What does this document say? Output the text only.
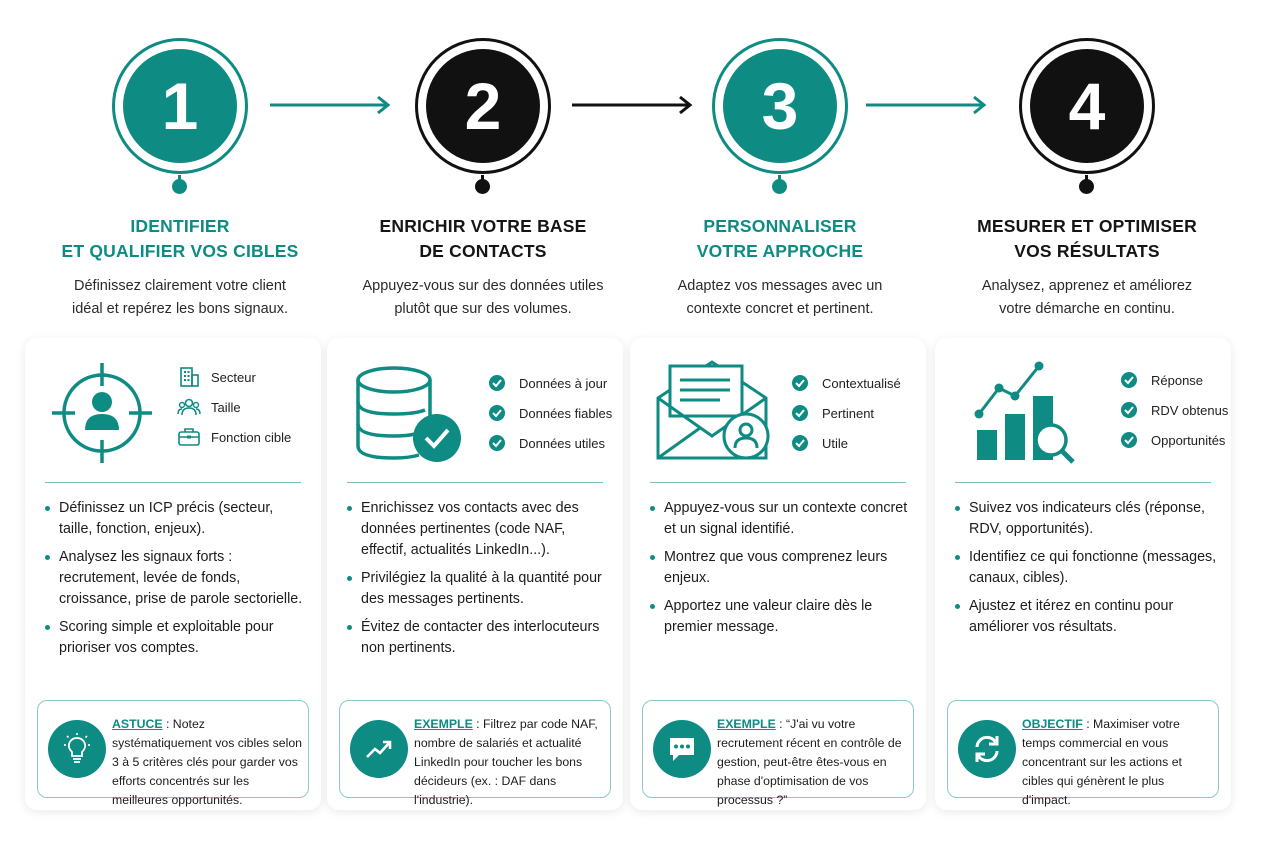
1
IDENTIFIER
ET QUALIFIER VOS CIBLES
Définissez clairement votre client
idéal et repérez les bons signaux.
2
ENRICHIR VOTRE BASE
DE CONTACTS
Appuyez-vous sur des données utiles
plutôt que sur des volumes.
3
PERSONNALISER
VOTRE APPROCHE
Adaptez vos messages avec un
contexte concret et pertinent.
4
MESURER ET OPTIMISER
VOS RÉSULTATS
Analysez, apprenez et améliorez
votre démarche en continu.
Secteur
Taille
Fonction cible
Définissez un ICP précis (secteur, taille, fonction, enjeux).
Analysez les signaux forts : recrutement, levée de fonds, croissance, prise de parole sectorielle.
Scoring simple et exploitable pour prioriser vos comptes.
ASTUCE : Notez systématiquement vos cibles selon 3 à 5 critères clés pour garder vos efforts concentrés sur les meilleures opportunités.
Données à jour
Données fiables
Données utiles
Enrichissez vos contacts avec des données pertinentes (code NAF, effectif, actualités LinkedIn...).
Privilégiez la qualité à la quantité pour des messages pertinents.
Évitez de contacter des interlocuteurs non pertinents.
EXEMPLE : Filtrez par code NAF, nombre de salariés et actualité LinkedIn pour toucher les bons décideurs (ex. : DAF dans l'industrie).
Contextualisé
Pertinent
Utile
Appuyez-vous sur un contexte concret et un signal identifié.
Montrez que vous comprenez leurs enjeux.
Apportez une valeur claire dès le premier message.
EXEMPLE : “J'ai vu votre recrutement récent en contrôle de gestion, peut-être êtes-vous en phase d'optimisation de vos processus ?”
Réponse
RDV obtenus
Opportunités
Suivez vos indicateurs clés (réponse, RDV, opportunités).
Identifiez ce qui fonctionne (messages, canaux, cibles).
Ajustez et itérez en continu pour améliorer vos résultats.
OBJECTIF : Maximiser votre temps commercial en vous concentrant sur les actions et cibles qui génèrent le plus d'impact.
